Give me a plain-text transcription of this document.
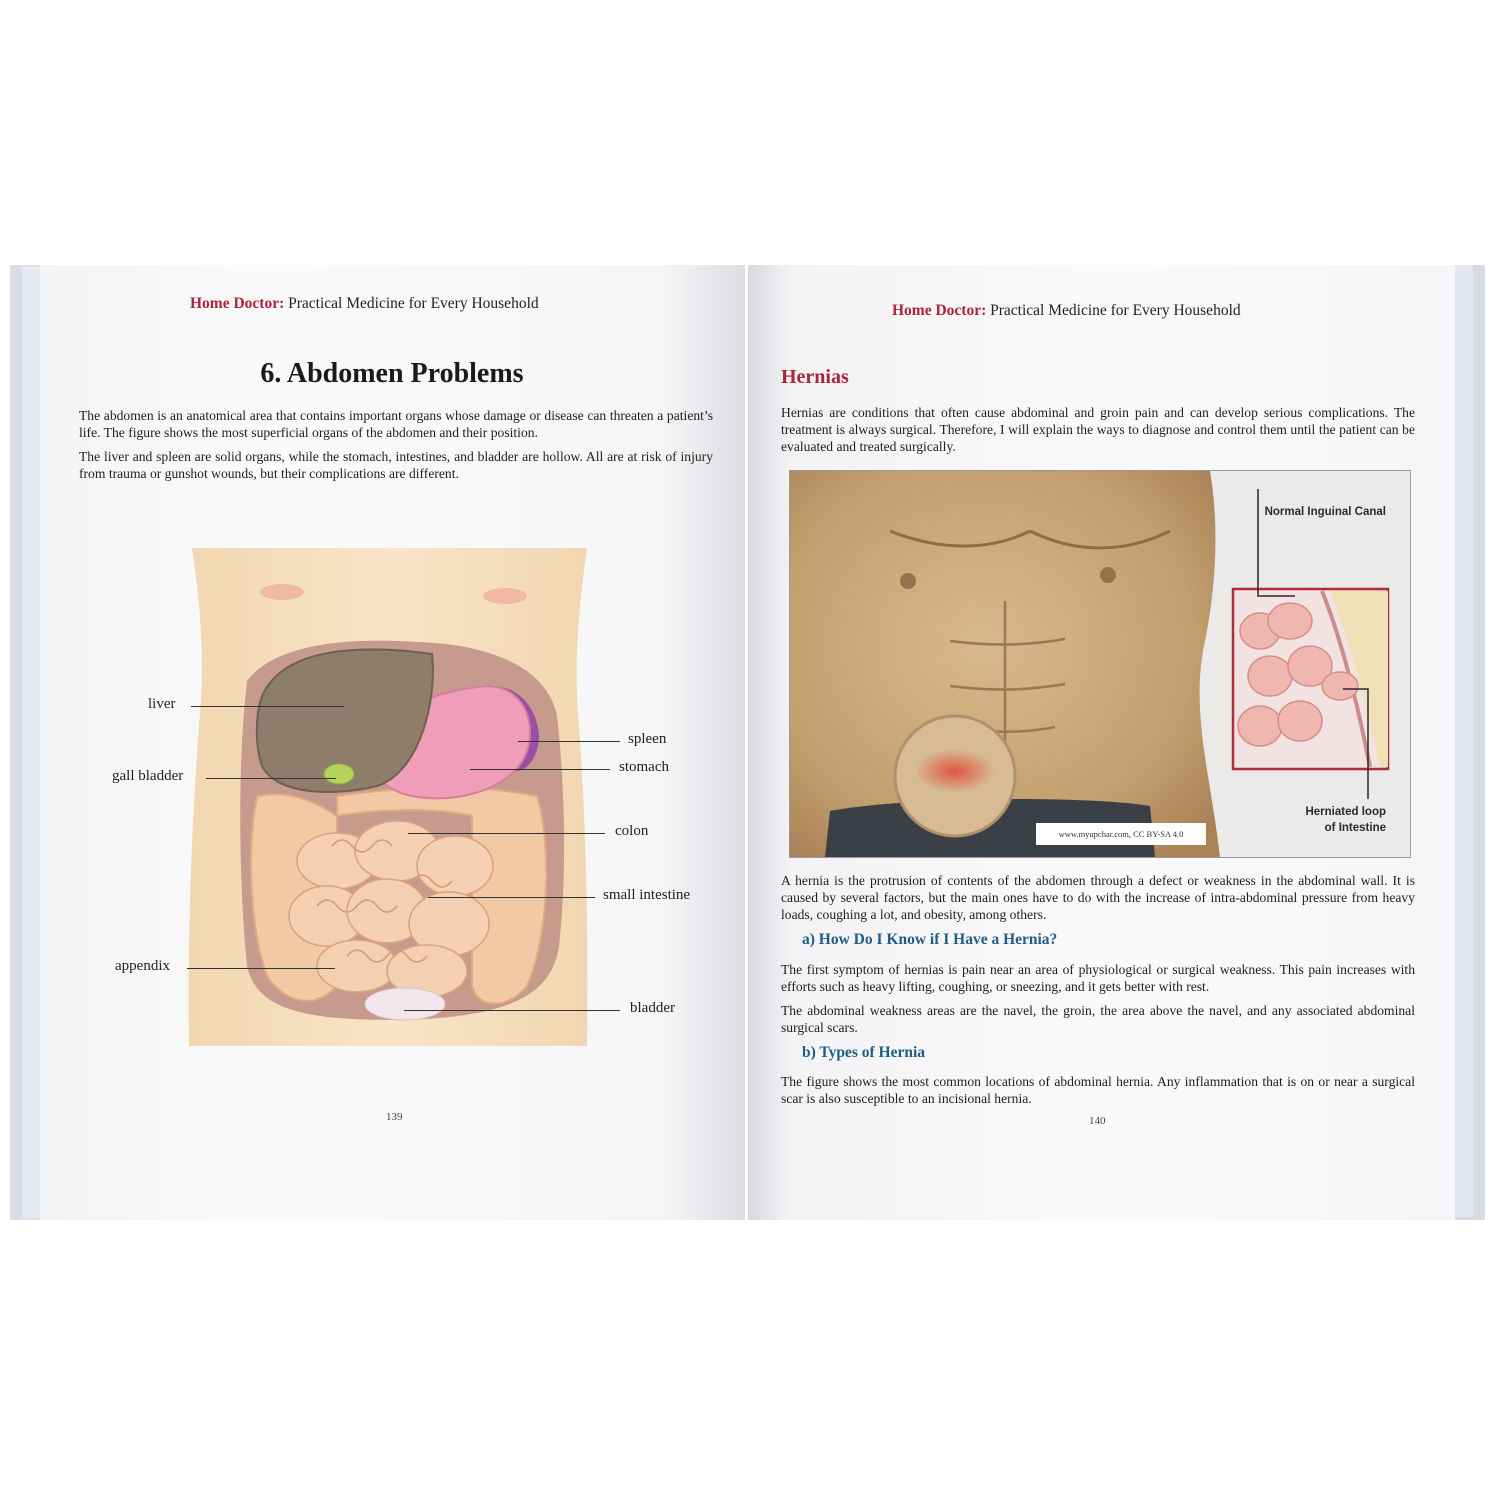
Home Doctor: Practical Medicine for Every Household
6. Abdomen Problems

The abdomen is an anatomical area that contains important organs whose damage or disease can threaten a patient’s life. The figure shows the most superficial organs of the abdomen and their position.

The liver and spleen are solid organs, while the stomach, intestines, and bladder are hollow. All are at risk of injury from trauma or gunshot wounds, but their complications are different.

liver
gall bladder
appendix
spleen
stomach
colon
small intestine
bladder
139
Home Doctor: Practical Medicine for Every Household
Hernias

Hernias are conditions that often cause abdominal and groin pain and can develop serious complications. The treatment is always surgical. Therefore, I will explain the ways to diagnose and control them until the patient can be evaluated and treated surgically.

Normal Inguinal Canal
Herniated loop
of Intestine
www.myupchar.com, CC BY-SA 4.0

A hernia is the protrusion of contents of the abdomen through a defect or weakness in the abdominal wall. It is caused by several factors, but the main ones have to do with the increase of intra-abdominal pressure from heavy loads, coughing a lot, and obesity, among others.

a) How Do I Know if I Have a Hernia?

The first symptom of hernias is pain near an area of physiological or surgical weakness. This pain increases with efforts such as heavy lifting, coughing, or sneezing, and it gets better with rest.

The abdominal weakness areas are the navel, the groin, the area above the navel, and any associated abdominal surgical scars.

b) Types of Hernia

The figure shows the most common locations of abdominal hernia. Any inflammation that is on or near a surgical scar is also susceptible to an incisional hernia.

140
